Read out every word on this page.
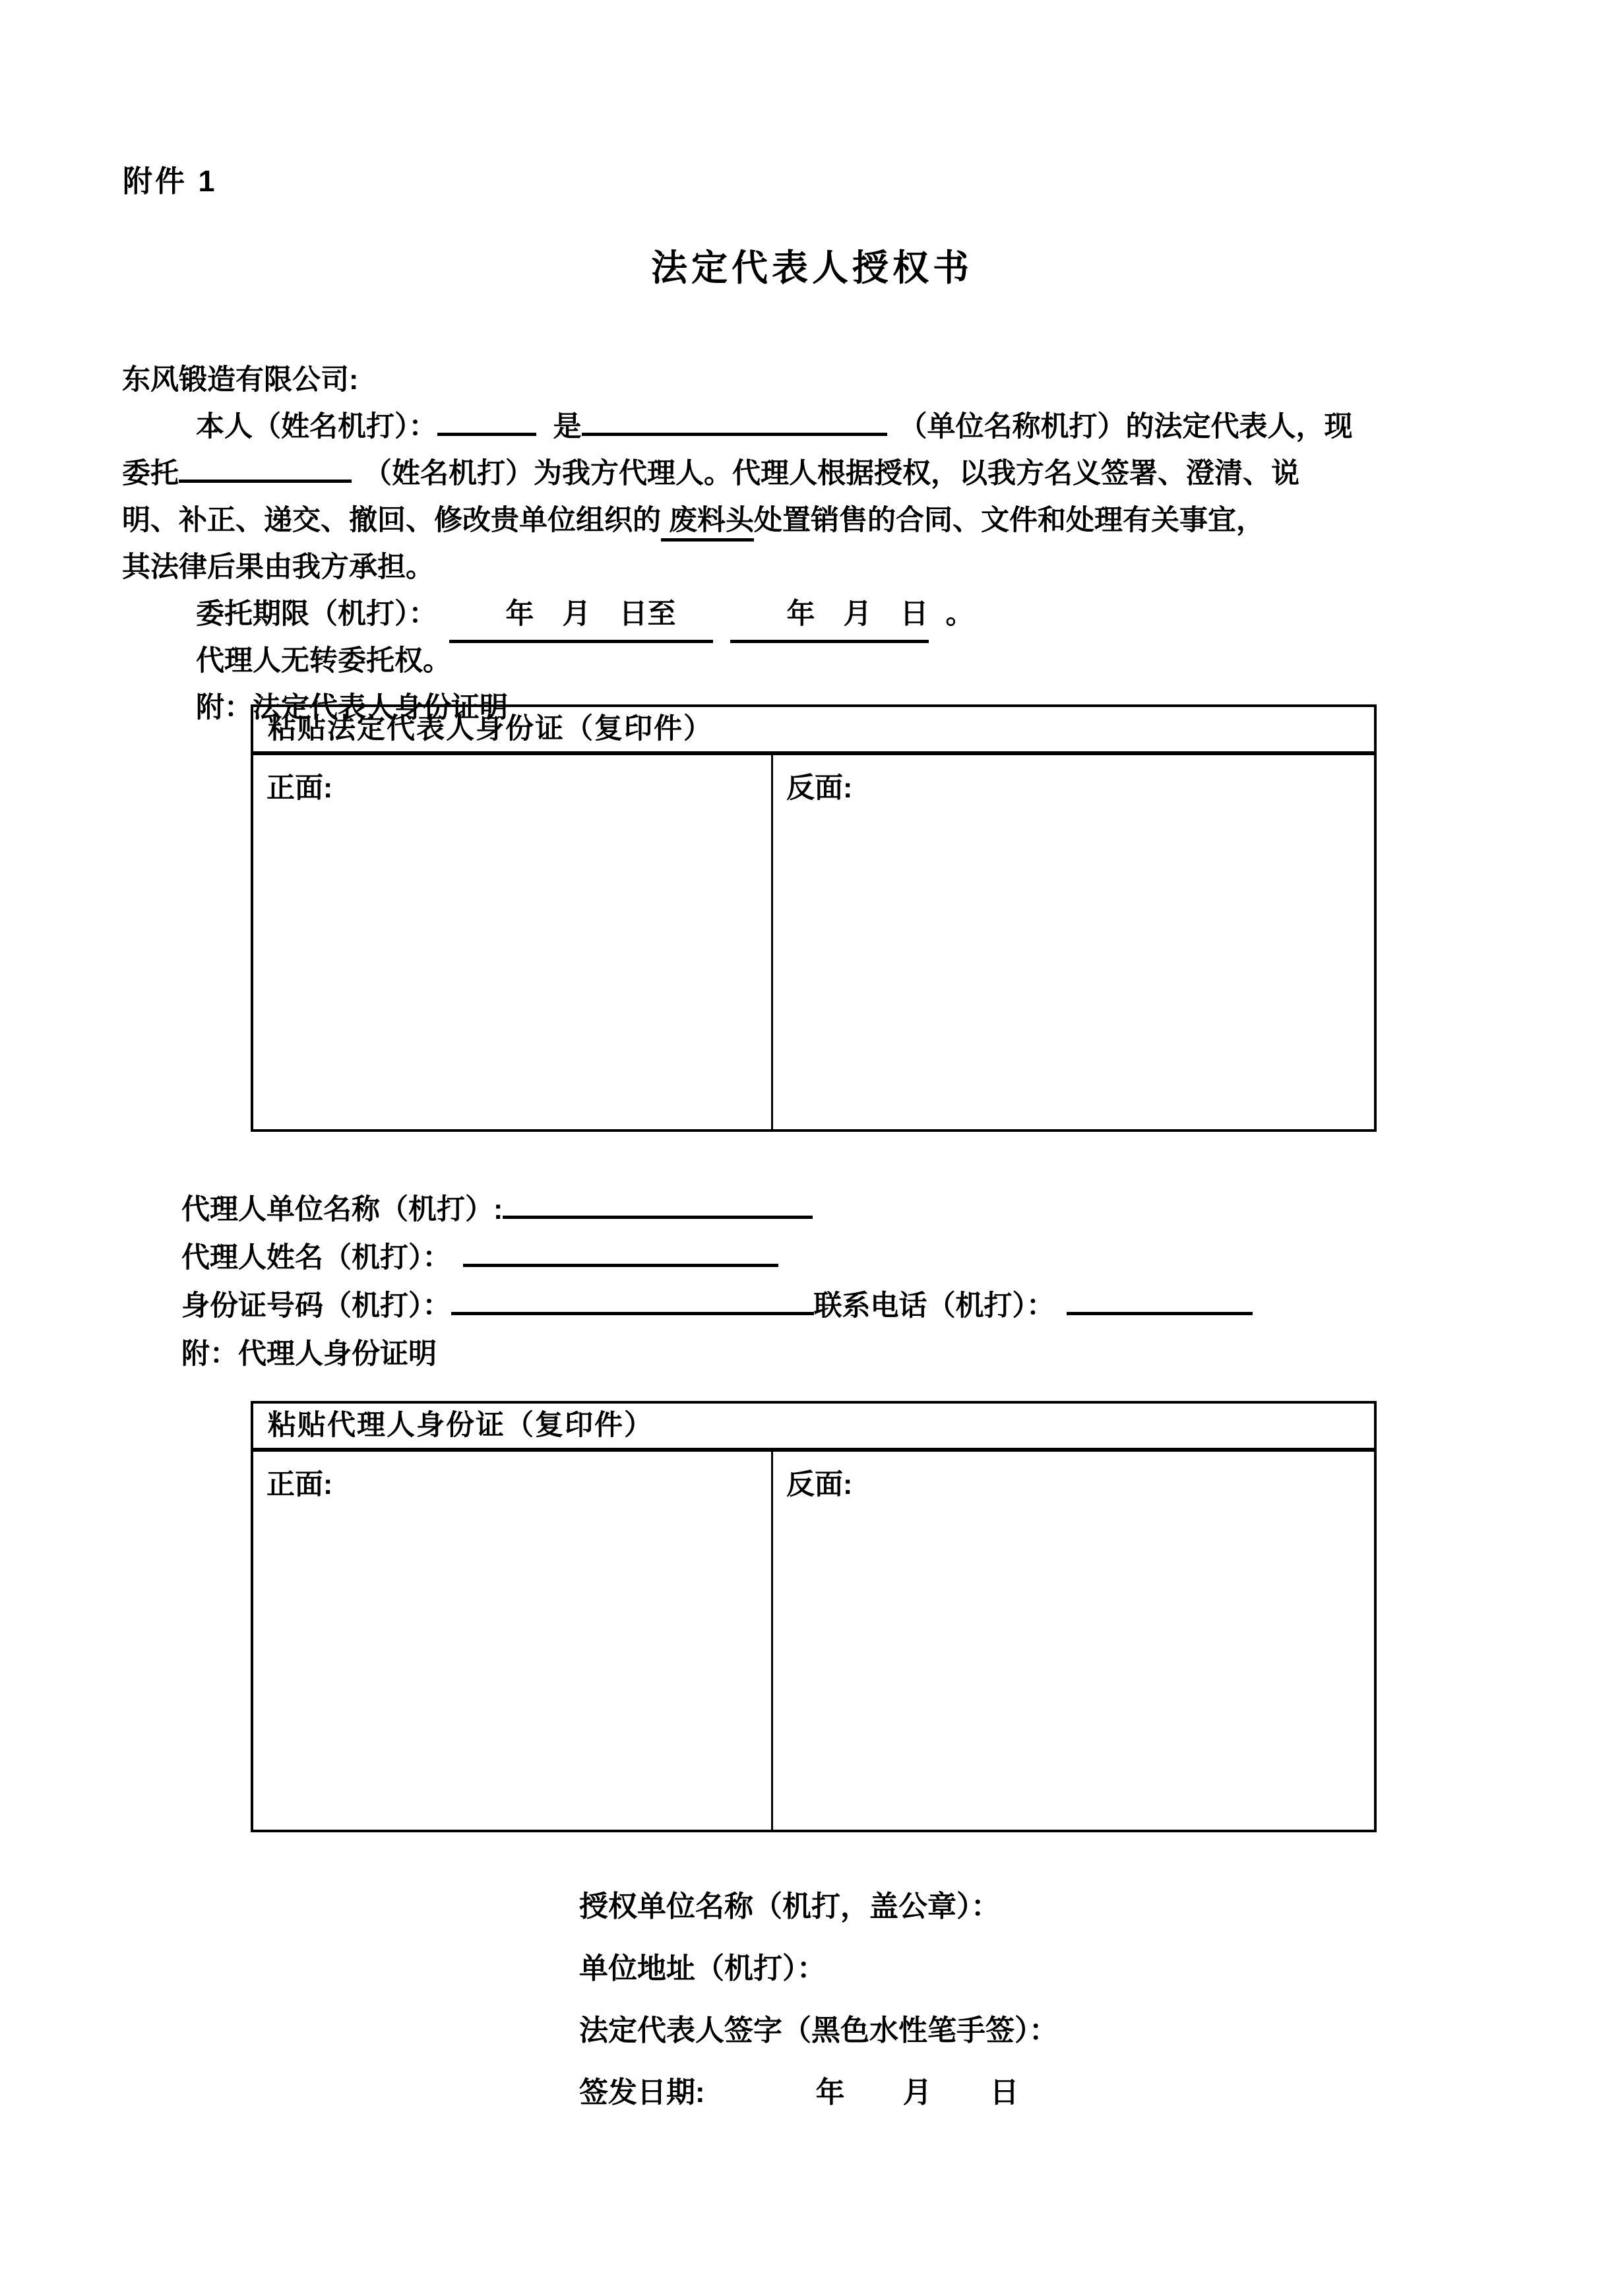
附件 1
法定代表人授权书
东风锻造有限公司:
本人（姓名机打）：	是	（单位名称机打）的法定代表人，现
委托	（姓名机打）为我方代理人。代理人根据授权，以我方名义签署、澄清、说
明、补正、递交、撤回、修改贵单位组织的 废料头处置销售的合同、文件和处理有关事宜，
其法律后果由我方承担。
委托期限（机打）：　　年　月　日至　　年　月　日 。
代理人无转委托权。
附：法定代表人身份证明
粘贴法定代表人身份证（复印件）
正面:	反面:
代理人单位名称（机打）:
代理人姓名（机打）：
身份证号码（机打）：	联系电话（机打）：
附：代理人身份证明
粘贴代理人身份证（复印件）
正面:	反面:
授权单位名称（机打，盖公章）：
单位地址（机打）：
法定代表人签字（黑色水性笔手签）：
签发日期:	年　　月　　日
